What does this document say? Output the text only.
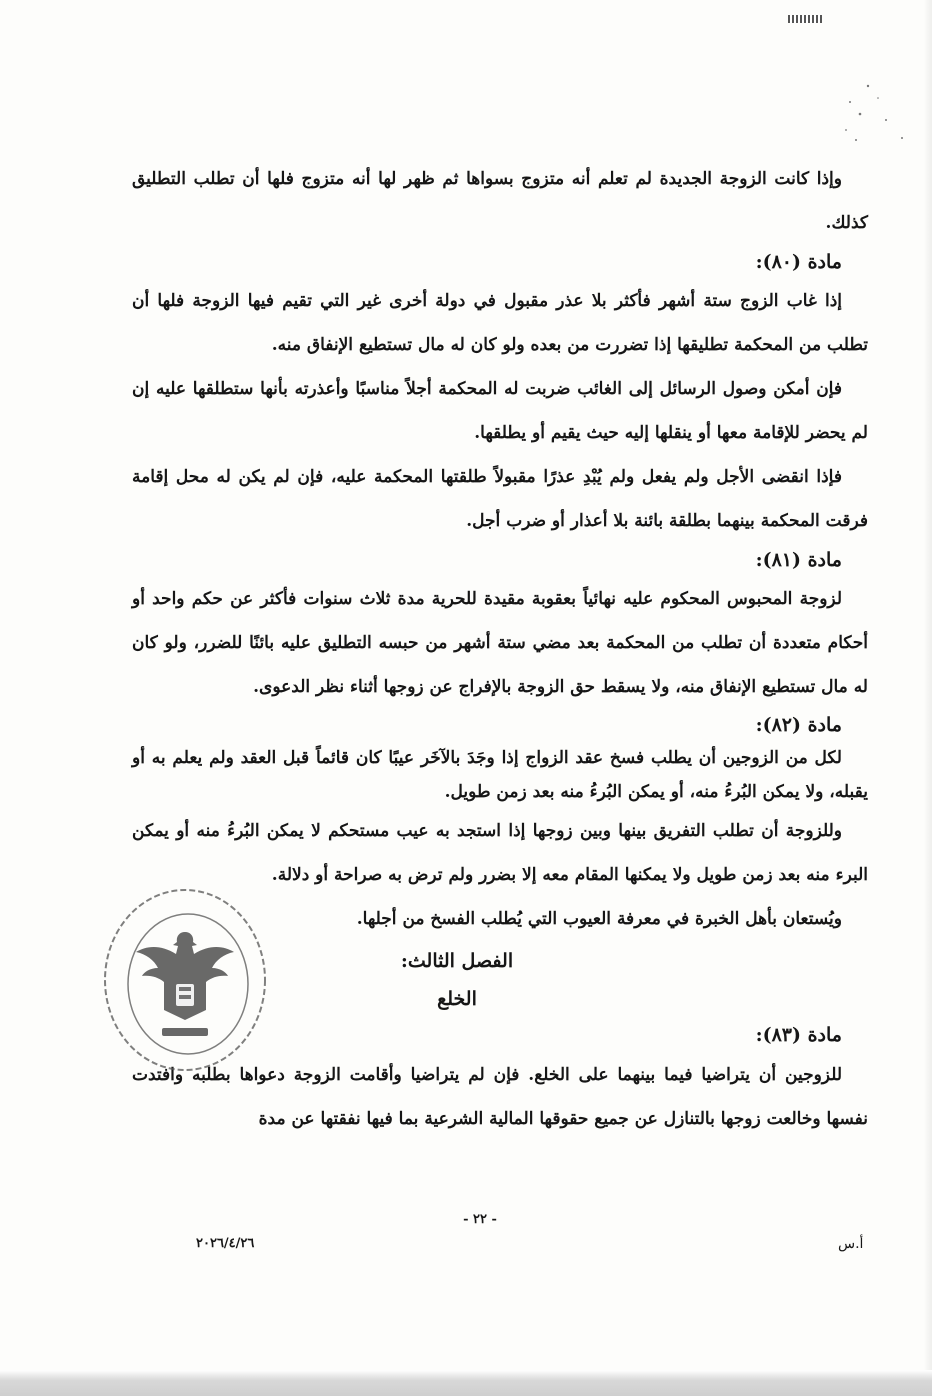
وإذا كانت الزوجة الجديدة لم تعلم أنه متزوج بسواها ثم ظهر لها أنه متزوج فلها أن تطلب التطليق كذلك.

مادة (٨٠):

إذا غاب الزوج ستة أشهر فأكثر بلا عذر مقبول في دولة أخرى غير التي تقيم فيها الزوجة فلها أن تطلب من المحكمة تطليقها إذا تضررت من بعده ولو كان له مال تستطيع الإنفاق منه.

فإن أمكن وصول الرسائل إلى الغائب ضربت له المحكمة أجلاً مناسبًا وأعذرته بأنها ستطلقها عليه إن لم يحضر للإقامة معها أو ينقلها إليه حيث يقيم أو يطلقها.

فإذا انقضى الأجل ولم يفعل ولم يُبْدِ عذرًا مقبولاً طلقتها المحكمة عليه، فإن لم يكن له محل إقامة فرقت المحكمة بينهما بطلقة بائنة بلا أعذار أو ضرب أجل.

مادة (٨١):

لزوجة المحبوس المحكوم عليه نهائياً بعقوبة مقيدة للحرية مدة ثلاث سنوات فأكثر عن حكم واحد أو أحكام متعددة أن تطلب من المحكمة بعد مضي ستة أشهر من حبسه التطليق عليه بائنًا للضرر، ولو كان له مال تستطيع الإنفاق منه، ولا يسقط حق الزوجة بالإفراج عن زوجها أثناء نظر الدعوى.

مادة (٨٢):

لكل من الزوجين أن يطلب فسخ عقد الزواج إذا وجَدَ بالآخَر عيبًا كان قائماً قبل العقد ولم يعلم به أو يقبله، ولا يمكن البُرءُ منه، أو يمكن البُرءُ منه بعد زمن طويل.

وللزوجة أن تطلب التفريق بينها وبين زوجها إذا استجد به عيب مستحكم لا يمكن البُرءُ منه أو يمكن البرء منه بعد زمن طويل ولا يمكنها المقام معه إلا بضرر ولم ترض به صراحة أو دلالة.

ويُستعان بأهل الخبرة في معرفة العيوب التي يُطلب الفسخ من أجلها.

الفصل الثالث:

الخلع

مادة (٨٣):

للزوجين أن يتراضيا فيما بينهما على الخلع. فإن لم يتراضيا وأقامت الزوجة دعواها بطلبه وافتدت نفسها وخالعت زوجها بالتنازل عن جميع حقوقها المالية الشرعية بما فيها نفقتها عن مدة

- ٢٢ -
٢٠٢٦/٤/٢٦	أ.س
